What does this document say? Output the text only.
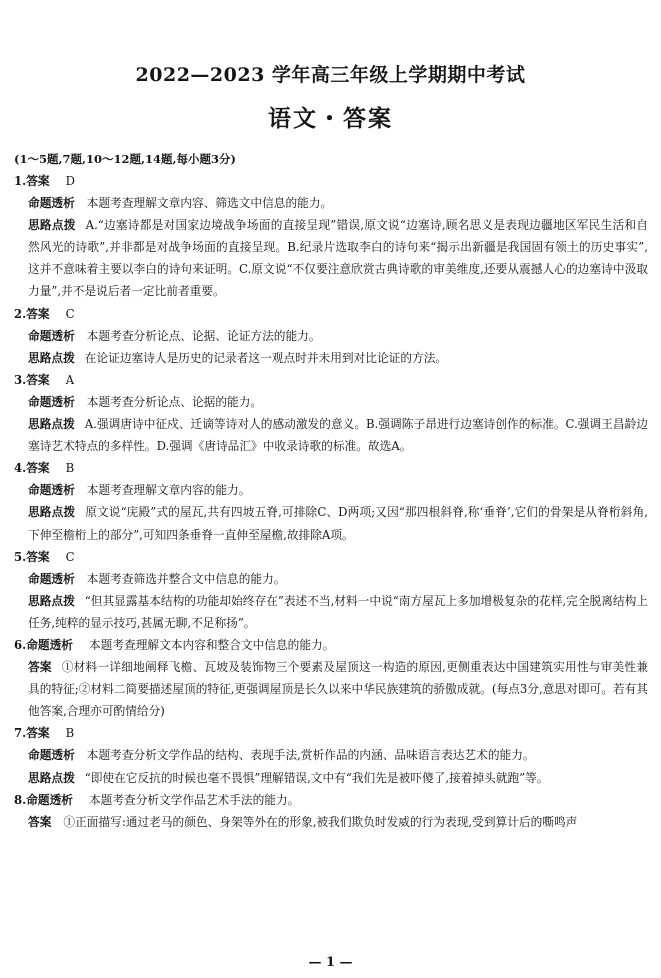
2022—2023 学年高三年级上学期期中考试
语文・答案
(1～5题,7题,10～12题,14题,每小题3分)
1.答案 D
命题透析 本题考查理解文章内容、筛选文中信息的能力。
思路点拨 A.“边塞诗都是对国家边境战争场面的直接呈现”错误,原文说“边塞诗,顾名思义是表现边疆地区军民生活和自然风光的诗歌”,并非都是对战争场面的直接呈现。B.纪录片选取李白的诗句来“揭示出新疆是我国固有领土的历史事实”,这并不意味着主要以李白的诗句来证明。C.原文说“不仅要注意欣赏古典诗歌的审美维度,还要从震撼人心的边塞诗中汲取力量”,并不是说后者一定比前者重要。
2.答案 C
命题透析 本题考查分析论点、论据、论证方法的能力。
思路点拨 在论证边塞诗人是历史的记录者这一观点时并未用到对比论证的方法。
3.答案 A
命题透析 本题考查分析论点、论据的能力。
思路点拨 A.强调唐诗中征戍、迁谪等诗对人的感动激发的意义。B.强调陈子昂进行边塞诗创作的标准。C.强调王昌龄边塞诗艺术特点的多样性。D.强调《唐诗品汇》中收录诗歌的标准。故选A。
4.答案 B
命题透析 本题考查理解文章内容的能力。
思路点拨 原文说“庑殿”式的屋瓦,共有四坡五脊,可排除C、D两项;又因“那四根斜脊,称‘垂脊’,它们的骨架是从脊桁斜角,下伸至檐桁上的部分”,可知四条垂脊一直伸至屋檐,故排除A项。
5.答案 C
命题透析 本题考查筛选并整合文中信息的能力。
思路点拨 “但其显露基本结构的功能却始终存在”表述不当,材料一中说“南方屋瓦上多加增极复杂的花样,完全脱离结构上任务,纯粹的显示技巧,甚属无聊,不足称扬”。
6.命题透析 本题考查理解文本内容和整合文中信息的能力。
答案 ①材料一详细地阐释飞檐、瓦坡及装饰物三个要素及屋顶这一构造的原因,更侧重表达中国建筑实用性与审美性兼具的特征;②材料二简要描述屋顶的特征,更强调屋顶是长久以来中华民族建筑的骄傲成就。(每点3分,意思对即可。若有其他答案,合理亦可酌情给分)
7.答案 B
命题透析 本题考查分析文学作品的结构、表现手法,赏析作品的内涵、品味语言表达艺术的能力。
思路点拨 “即使在它反抗的时候也毫不畏惧”理解错误,文中有“我们先是被吓傻了,接着掉头就跑”等。
8.命题透析 本题考查分析文学作品艺术手法的能力。
答案 ①正面描写:通过老马的颜色、身架等外在的形象,被我们欺负时发威的行为表现,受到算计后的嘶鸣声
— 1 —
